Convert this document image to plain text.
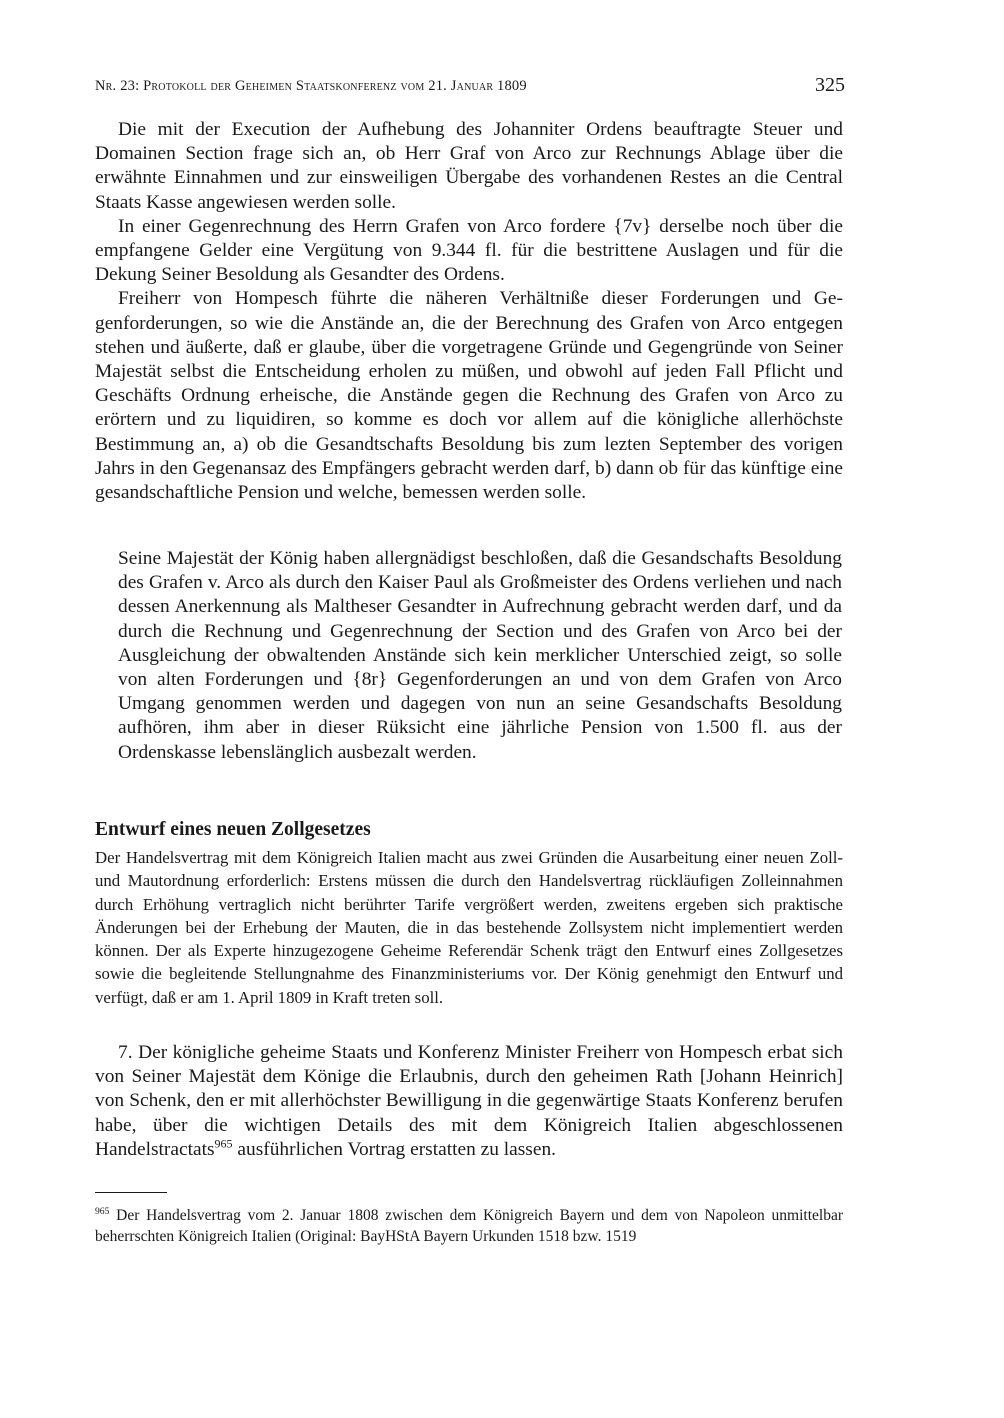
Nr. 23: Protokoll der Geheimen Staatskonferenz vom 21. Januar 1809	325

Die mit der Execution der Aufhebung des Johanniter Ordens beauftragte Steuer und Domainen Section frage sich an, ob Herr Graf von Arco zur Rechnungs Ablage über die erwähnte Einnahmen und zur einsweiligen Übergabe des vorhandenen Restes an die Central Staats Kasse angewiesen werden solle.

In einer Gegenrechnung des Herrn Grafen von Arco fordere {7v} derselbe noch über die empfangene Gelder eine Vergütung von 9.344 fl. für die bestrittene Auslagen und für die Dekung Seiner Besoldung als Gesandter des Ordens.

Freiherr von Hompesch führte die näheren Verhältniße dieser Forderungen und Gegenforderungen, so wie die Anstände an, die der Berechnung des Grafen von Arco entgegen stehen und äußerte, daß er glaube, über die vorgetragene Gründe und Gegengründe von Seiner Majestät selbst die Entscheidung erholen zu müßen, und obwohl auf jeden Fall Pflicht und Geschäfts Ordnung erheische, die Anstände gegen die Rechnung des Grafen von Arco zu erörtern und zu liquidiren, so komme es doch vor allem auf die königliche allerhöchste Bestimmung an, a) ob die Gesandtschafts Besoldung bis zum lezten September des vorigen Jahrs in den Gegenansaz des Empfängers gebracht werden darf, b) dann ob für das künftige eine gesandschaftliche Pension und welche, bemessen werden solle.

Seine Majestät der König haben allergnädigst beschloßen, daß die Gesandschafts Besoldung des Grafen v. Arco als durch den Kaiser Paul als Großmeister des Ordens verliehen und nach dessen Anerkennung als Maltheser Gesandter in Aufrechnung gebracht werden darf, und da durch die Rechnung und Gegenrechnung der Section und des Grafen von Arco bei der Ausgleichung der obwaltenden Anstände sich kein merklicher Unterschied zeigt, so solle von alten Forderungen und {8r} Gegenforderungen an und von dem Grafen von Arco Umgang genommen werden und dagegen von nun an seine Gesandschafts Besoldung aufhören, ihm aber in dieser Rüksicht eine jährliche Pension von 1.500 fl. aus der Ordenskasse lebenslänglich ausbezalt werden.

Entwurf eines neuen Zollgesetzes

Der Handelsvertrag mit dem Königreich Italien macht aus zwei Gründen die Ausarbeitung einer neuen Zoll- und Mautordnung erforderlich: Erstens müssen die durch den Handelsvertrag rückläufigen Zolleinnahmen durch Erhöhung vertraglich nicht berührter Tarife vergrößert werden, zweitens ergeben sich praktische Änderungen bei der Erhebung der Mauten, die in das bestehende Zollsystem nicht implementiert werden können. Der als Experte hinzugezogene Geheime Referendär Schenk trägt den Entwurf eines Zollgesetzes sowie die begleitende Stellungnahme des Finanzministeriums vor. Der König genehmigt den Entwurf und verfügt, daß er am 1. April 1809 in Kraft treten soll.

7. Der königliche geheime Staats und Konferenz Minister Freiherr von Hompesch erbat sich von Seiner Majestät dem Könige die Erlaubnis, durch den geheimen Rath [Johann Heinrich] von Schenk, den er mit allerhöchster Bewilligung in die gegenwärtige Staats Konferenz berufen habe, über die wichtigen Details des mit dem Königreich Italien abgeschlossenen Handelstractats$^{965}$ ausführlichen Vortrag erstatten zu lassen.

$^{965}$ Der Handelsvertrag vom 2. Januar 1808 zwischen dem Königreich Bayern und dem von Napoleon unmittelbar beherrschten Königreich Italien (Original: BayHStA Bayern Urkunden 1518 bzw. 1519
